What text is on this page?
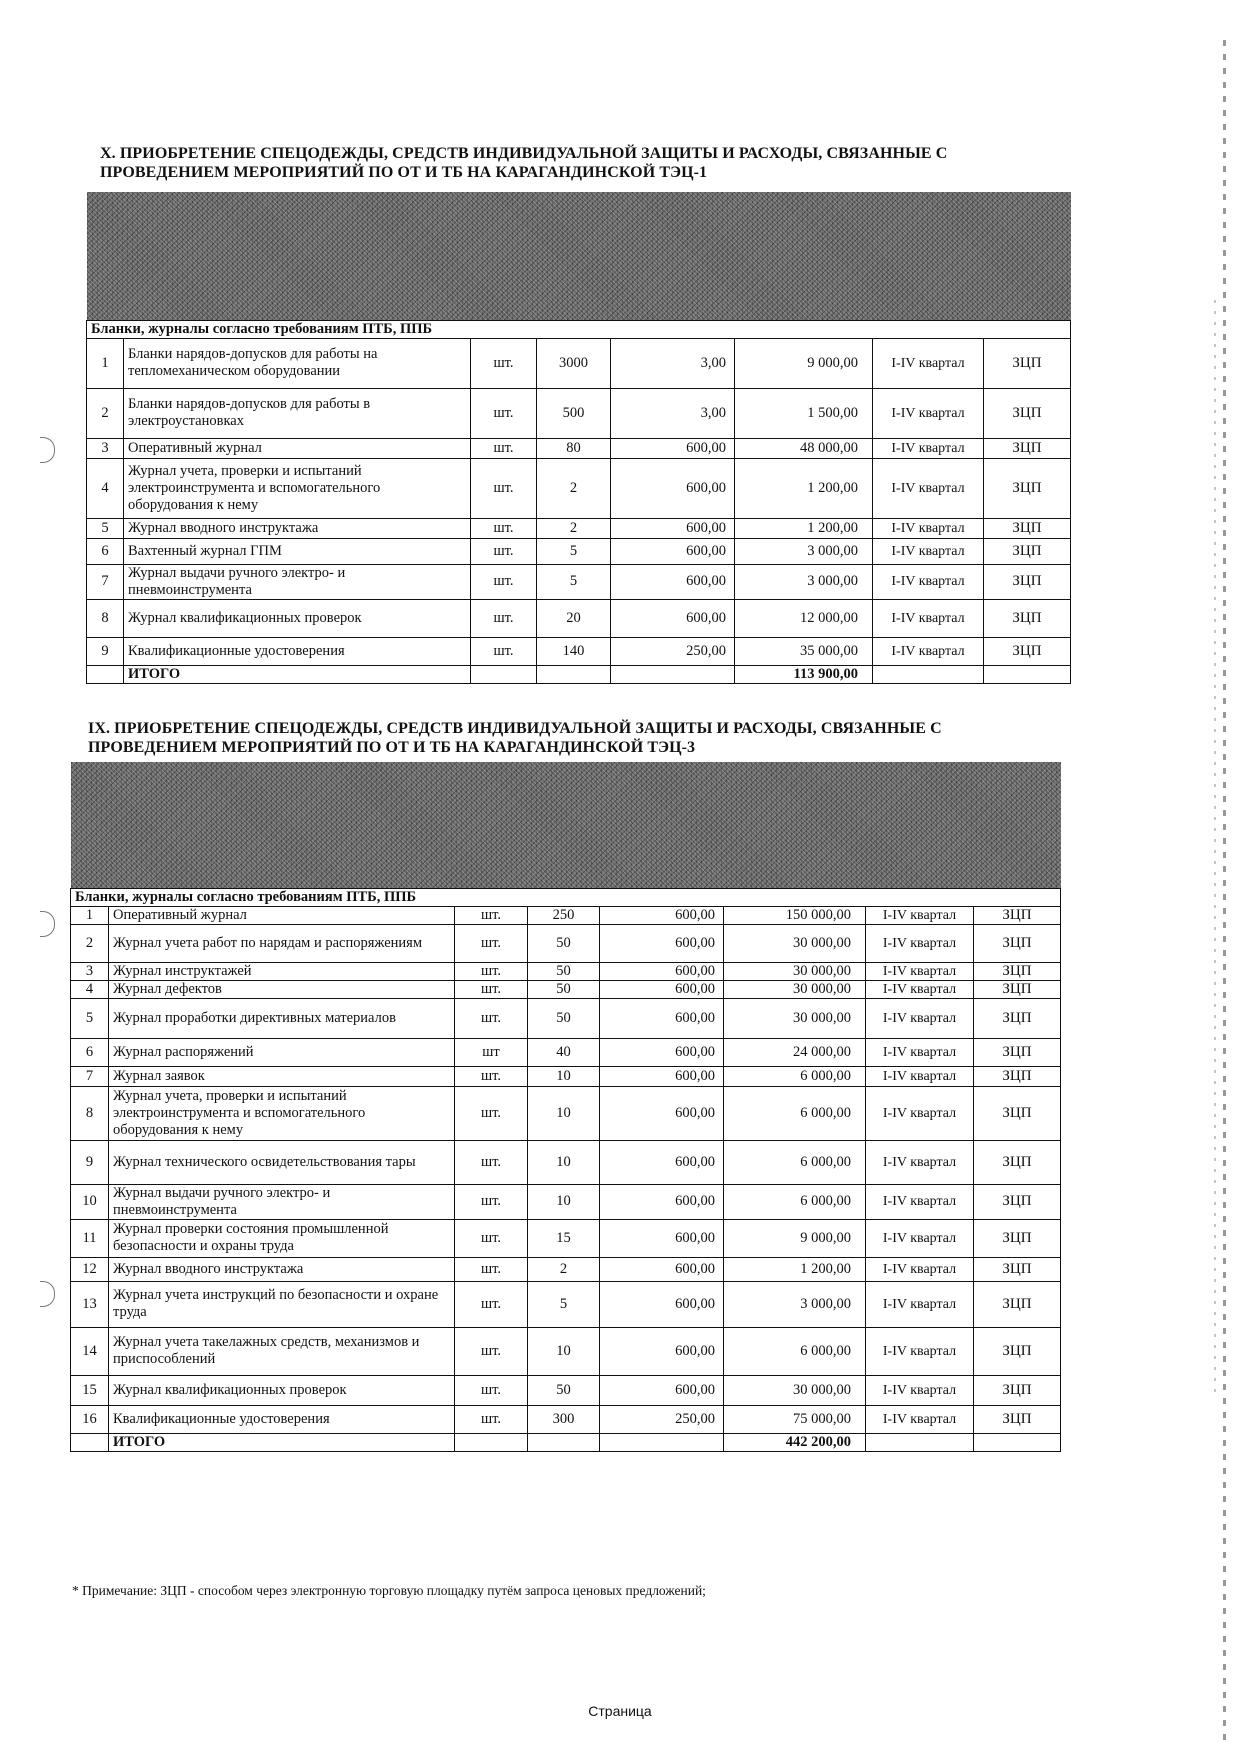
X. ПРИОБРЕТЕНИЕ СПЕЦОДЕЖДЫ, СРЕДСТВ ИНДИВИДУАЛЬНОЙ ЗАЩИТЫ И РАСХОДЫ, СВЯЗАННЫЕ С
ПРОВЕДЕНИЕМ МЕРОПРИЯТИЙ ПО ОТ И ТБ НА КАРАГАНДИНСКОЙ ТЭЦ-1

Бланки, журналы согласно требованиям ПТБ, ППБ							
1	Бланки нарядов-допусков для работы на тепломеханическом оборудовании	шт.	3000	3,00	9 000,00	I-IV квартал	ЗЦП
2	Бланки нарядов-допусков для работы в электроустановках	шт.	500	3,00	1 500,00	I-IV квартал	ЗЦП
3	Оперативный журнал	шт.	80	600,00	48 000,00	I-IV квартал	ЗЦП
4	Журнал учета, проверки и испытаний электроинструмента и вспомогательного оборудования к нему	шт.	2	600,00	1 200,00	I-IV квартал	ЗЦП
5	Журнал вводного инструктажа	шт.	2	600,00	1 200,00	I-IV квартал	ЗЦП
6	Вахтенный журнал ГПМ	шт.	5	600,00	3 000,00	I-IV квартал	ЗЦП
7	Журнал выдачи ручного электро- и пневмоинструмента	шт.	5	600,00	3 000,00	I-IV квартал	ЗЦП
8	Журнал квалификационных проверок	шт.	20	600,00	12 000,00	I-IV квартал	ЗЦП
9	Квалификационные удостоверения	шт.	140	250,00	35 000,00	I-IV квартал	ЗЦП
	ИТОГО				113 900,00		
IX. ПРИОБРЕТЕНИЕ СПЕЦОДЕЖДЫ, СРЕДСТВ ИНДИВИДУАЛЬНОЙ ЗАЩИТЫ И РАСХОДЫ, СВЯЗАННЫЕ С
ПРОВЕДЕНИЕМ МЕРОПРИЯТИЙ ПО ОТ И ТБ НА КАРАГАНДИНСКОЙ ТЭЦ-3

Бланки, журналы согласно требованиям ПТБ, ППБ							
1	Оперативный журнал	шт.	250	600,00	150 000,00	I-IV квартал	ЗЦП
2	Журнал учета работ по нарядам и распоряжениям	шт.	50	600,00	30 000,00	I-IV квартал	ЗЦП
3	Журнал инструктажей	шт.	50	600,00	30 000,00	I-IV квартал	ЗЦП
4	Журнал дефектов	шт.	50	600,00	30 000,00	I-IV квартал	ЗЦП
5	Журнал проработки директивных материалов	шт.	50	600,00	30 000,00	I-IV квартал	ЗЦП
6	Журнал распоряжений	шт	40	600,00	24 000,00	I-IV квартал	ЗЦП
7	Журнал заявок	шт.	10	600,00	6 000,00	I-IV квартал	ЗЦП
8	Журнал учета, проверки и испытаний электроинструмента и вспомогательного оборудования к нему	шт.	10	600,00	6 000,00	I-IV квартал	ЗЦП
9	Журнал технического освидетельствования тары	шт.	10	600,00	6 000,00	I-IV квартал	ЗЦП
10	Журнал выдачи ручного электро- и пневмоинструмента	шт.	10	600,00	6 000,00	I-IV квартал	ЗЦП
11	Журнал проверки состояния промышленной безопасности и охраны труда	шт.	15	600,00	9 000,00	I-IV квартал	ЗЦП
12	Журнал вводного инструктажа	шт.	2	600,00	1 200,00	I-IV квартал	ЗЦП
13	Журнал учета инструкций по безопасности и охране труда	шт.	5	600,00	3 000,00	I-IV квартал	ЗЦП
14	Журнал учета такелажных средств, механизмов и приспособлений	шт.	10	600,00	6 000,00	I-IV квартал	ЗЦП
15	Журнал квалификационных проверок	шт.	50	600,00	30 000,00	I-IV квартал	ЗЦП
16	Квалификационные удостоверения	шт.	300	250,00	75 000,00	I-IV квартал	ЗЦП
	ИТОГО				442 200,00		
* Примечание: ЗЦП - способом через электронную торговую площадку путём запроса ценовых предложений;
Страница
